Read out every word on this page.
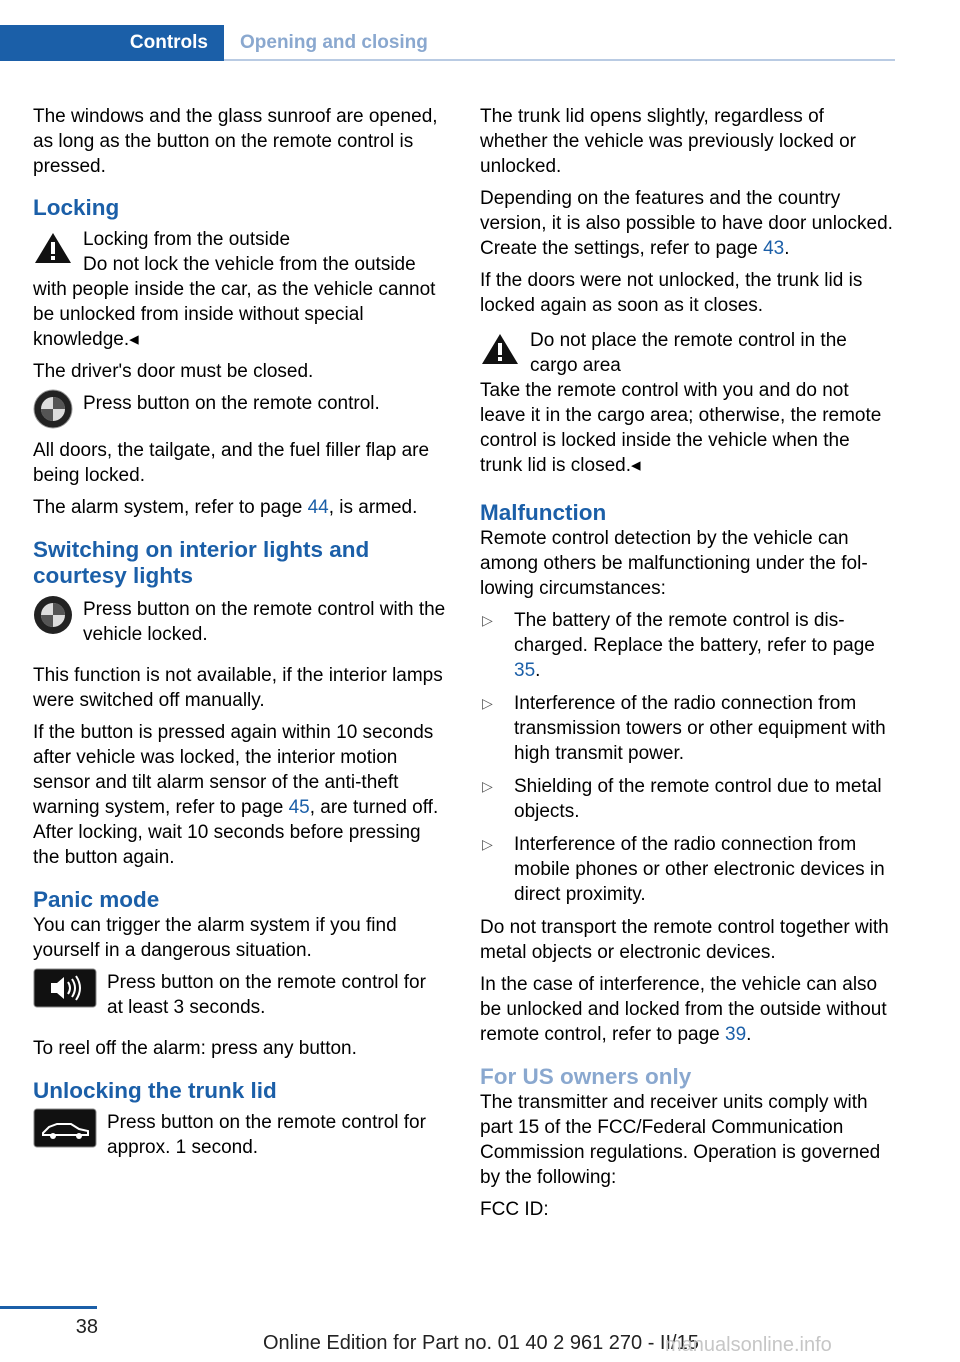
Controls	Opening and closing

The windows and the glass sunroof are opened, as long as the button on the remote control is pressed.

Locking
Locking from the outside
Do not lock the vehicle from the outside
with people inside the car, as the vehicle cannot be unlocked from inside without special knowledge.◂

The driver's door must be closed.

Press button on the remote control.

All doors, the tailgate, and the fuel filler flap are being locked.

The alarm system, refer to page 44, is armed.

Switching on interior lights and courtesy lights
Press button on the remote control with the vehicle locked.

This function is not available, if the interior lamps were switched off manually.

If the button is pressed again within 10 seconds after vehicle was locked, the interior motion sensor and tilt alarm sensor of the anti-theft warning system, refer to page 45, are turned off. After locking, wait 10 seconds before pressing the button again.

Panic mode

You can trigger the alarm system if you find yourself in a dangerous situation.

Press button on the remote control for at least 3 seconds.

To reel off the alarm: press any button.

Unlocking the trunk lid
Press button on the remote control for approx. 1 second.

The trunk lid opens slightly, regardless of whether the vehicle was previously locked or unlocked.

Depending on the features and the country version, it is also possible to have door unlocked. Create the settings, refer to page 43.

If the doors were not unlocked, the trunk lid is locked again as soon as it closes.

Do not place the remote control in the cargo area
Take the remote control with you and do not leave it in the cargo area; otherwise, the remote control is locked inside the vehicle when the trunk lid is closed.◂
Malfunction

Remote control detection by the vehicle can among others be malfunctioning under the following circumstances:

▷ The battery of the remote control is discharged. Replace the battery, refer to page 35.
▷ Interference of the radio connection from transmission towers or other equipment with high transmit power.
▷ Shielding of the remote control due to metal objects.
▷ Interference of the radio connection from mobile phones or other electronic devices in direct proximity.

Do not transport the remote control together with metal objects or electronic devices.

In the case of interference, the vehicle can also be unlocked and locked from the outside without remote control, refer to page 39.

For US owners only

The transmitter and receiver units comply with part 15 of the FCC/Federal Communication Commission regulations. Operation is governed by the following:

FCC ID:

38
Online Edition for Part no. 01 40 2 961 270 - II/15
manualsonline.info
